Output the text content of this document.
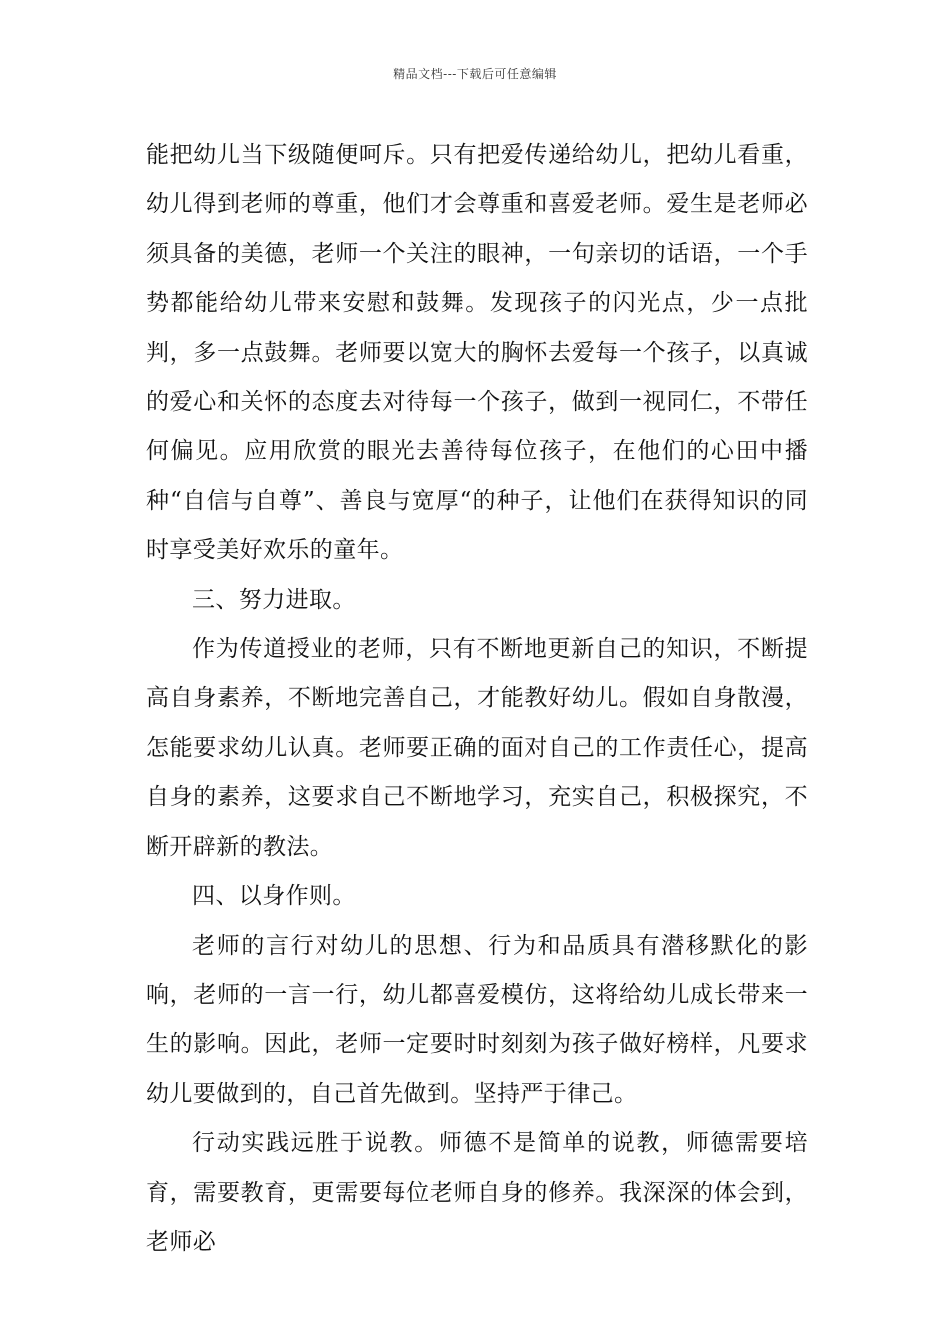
精品文档---下载后可任意编辑

能把幼儿当下级随便呵斥。只有把爱传递给幼儿，把幼儿看重，幼儿得到老师的尊重，他们才会尊重和喜爱老师。爱生是老师必须具备的美德，老师一个关注的眼神，一句亲切的话语，一个手势都能给幼儿带来安慰和鼓舞。发现孩子的闪光点，少一点批判，多一点鼓舞。老师要以宽大的胸怀去爱每一个孩子，以真诚的爱心和关怀的态度去对待每一个孩子，做到一视同仁，不带任何偏见。应用欣赏的眼光去善待每位孩子，在他们的心田中播种“自信与自尊”、善良与宽厚“的种子，让他们在获得知识的同时享受美好欢乐的童年。

三、努力进取。

作为传道授业的老师，只有不断地更新自己的知识，不断提高自身素养，不断地完善自己，才能教好幼儿。假如自身散漫，怎能要求幼儿认真。老师要正确的面对自己的工作责任心，提高自身的素养，这要求自己不断地学习，充实自己，积极探究，不断开辟新的教法。

四、以身作则。

老师的言行对幼儿的思想、行为和品质具有潜移默化的影响，老师的一言一行，幼儿都喜爱模仿，这将给幼儿成长带来一生的影响。因此，老师一定要时时刻刻为孩子做好榜样，凡要求幼儿要做到的，自己首先做到。坚持严于律己。

行动实践远胜于说教。师德不是简单的说教，师德需要培育，需要教育，更需要每位老师自身的修养。我深深的体会到，老师必
